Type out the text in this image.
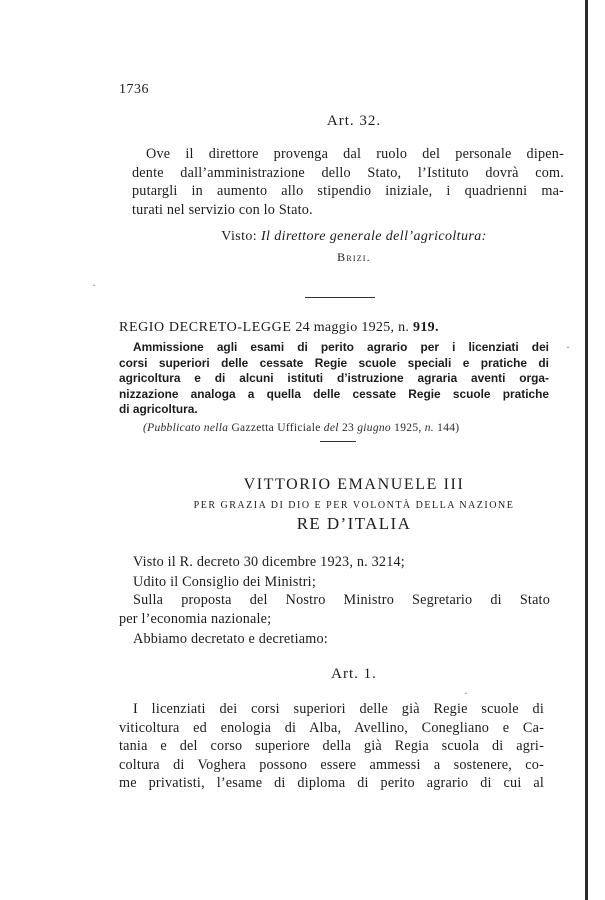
1736
Art. 32.
Ove il direttore provenga dal ruolo del personale dipen-
dente dall’amministrazione dello Stato, l’Istituto dovrà com.
putargli in aumento allo stipendio iniziale, i quadrienni ma-
turati nel servizio con lo Stato.
Visto: Il direttore generale dell’agricoltura:
Brizi.
REGIO DECRETO-LEGGE 24 maggio 1925, n. 919.
Ammissione agli esami di perito agrario per i licenziati dei
corsi superiori delle cessate Regie scuole speciali e pratiche di
agricoltura e di alcuni istituti d’istruzione agraria aventi orga-
nizzazione analoga a quella delle cessate Regie scuole pratiche
di agricoltura.
(Pubblicato nella Gazzetta Ufficiale del 23 giugno 1925, n. 144)
VITTORIO EMANUELE III
PER GRAZIA DI DIO E PER VOLONTÀ DELLA NAZIONE
RE D’ITALIA
Visto il R. decreto 30 dicembre 1923, n. 3214;
Udito il Consiglio dei Ministri;
Sulla proposta del Nostro Ministro Segretario di Stato
per l’economia nazionale;
Abbiamo decretato e decretiamo:
Art. 1.
I licenziati dei corsi superiori delle già Regie scuole di
viticoltura ed enologia di Alba, Avellino, Conegliano e Ca-
tania e del corso superiore della già Regia scuola di agri-
coltura di Voghera possono essere ammessi a sostenere, co-
me privatisti, l’esame di diploma di perito agrario di cui al
·
·
·
